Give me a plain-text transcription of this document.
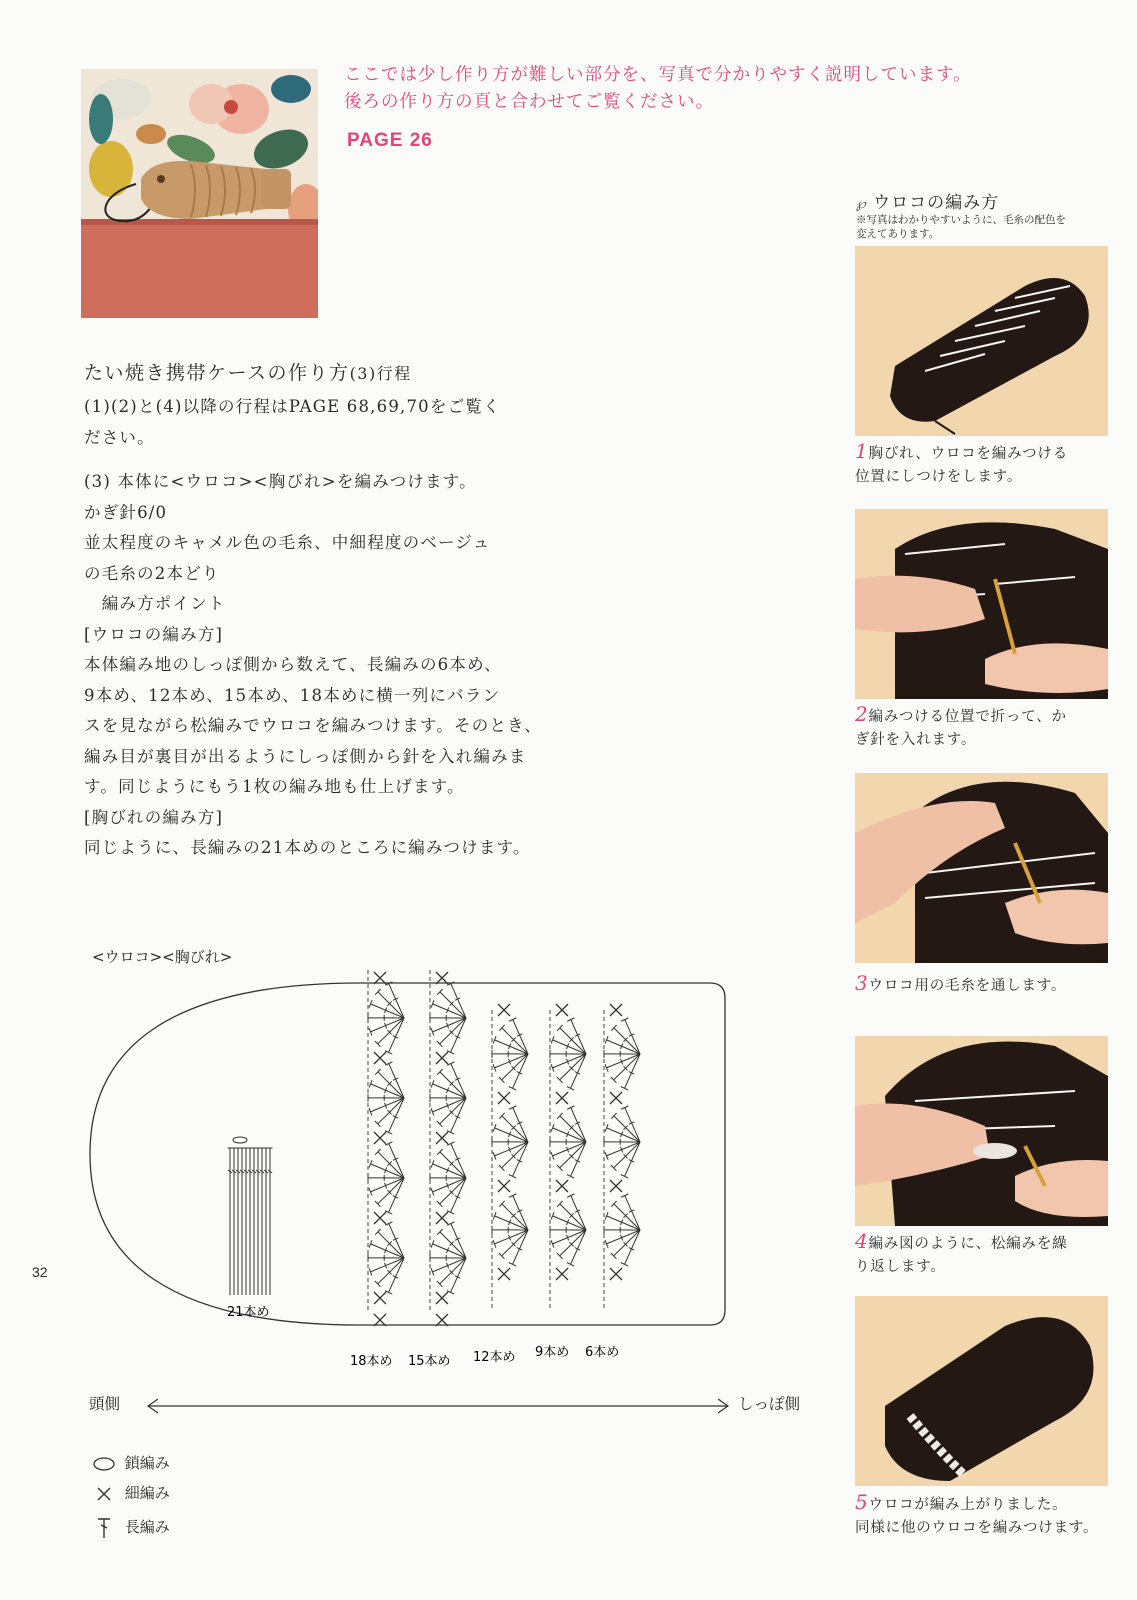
ここでは少し作り方が難しい部分を、写真で分かりやすく説明しています。
後ろの作り方の頁と合わせてご覧ください。
PAGE 26
たい焼き携帯ケースの作り方(3)行程

(1)(2)と(4)以降の行程はPAGE 68,69,70をご覧く

ださい。

(3) 本体に<ウロコ><胸びれ>を編みつけます。

かぎ針6/0

並太程度のキャメル色の毛糸、中細程度のベージュ

の毛糸の2本どり

　編み方ポイント

[ウロコの編み方]

本体編み地のしっぽ側から数えて、長編みの6本め、

9本め、12本め、15本め、18本めに横一列にバラン

スを見ながら松編みでウロコを編みつけます。そのとき、

編み目が裏目が出るようにしっぽ側から針を入れ編みま

す。同じようにもう1枚の編み地も仕上げます。

[胸びれの編み方]

同じように、長編みの21本めのところに編みつけます。

℘ ウロコの編み方
※写真はわかりやすいように、毛糸の配色を
変えてあります。
1胸びれ、ウロコを編みつける
位置にしつけをします。
2編みつける位置で折って、か
ぎ針を入れます。
3ウロコ用の毛糸を通します。
4編み図のように、松編みを繰
り返します。
5ウロコが編み上がりました。
同様に他のウロコを編みつけます。
<ウロコ><胸びれ>
21本め
18本め 15本め 12本め 9本め 6本め
頭側	しっぽ側
鎖編み
細編み
長編み
32
